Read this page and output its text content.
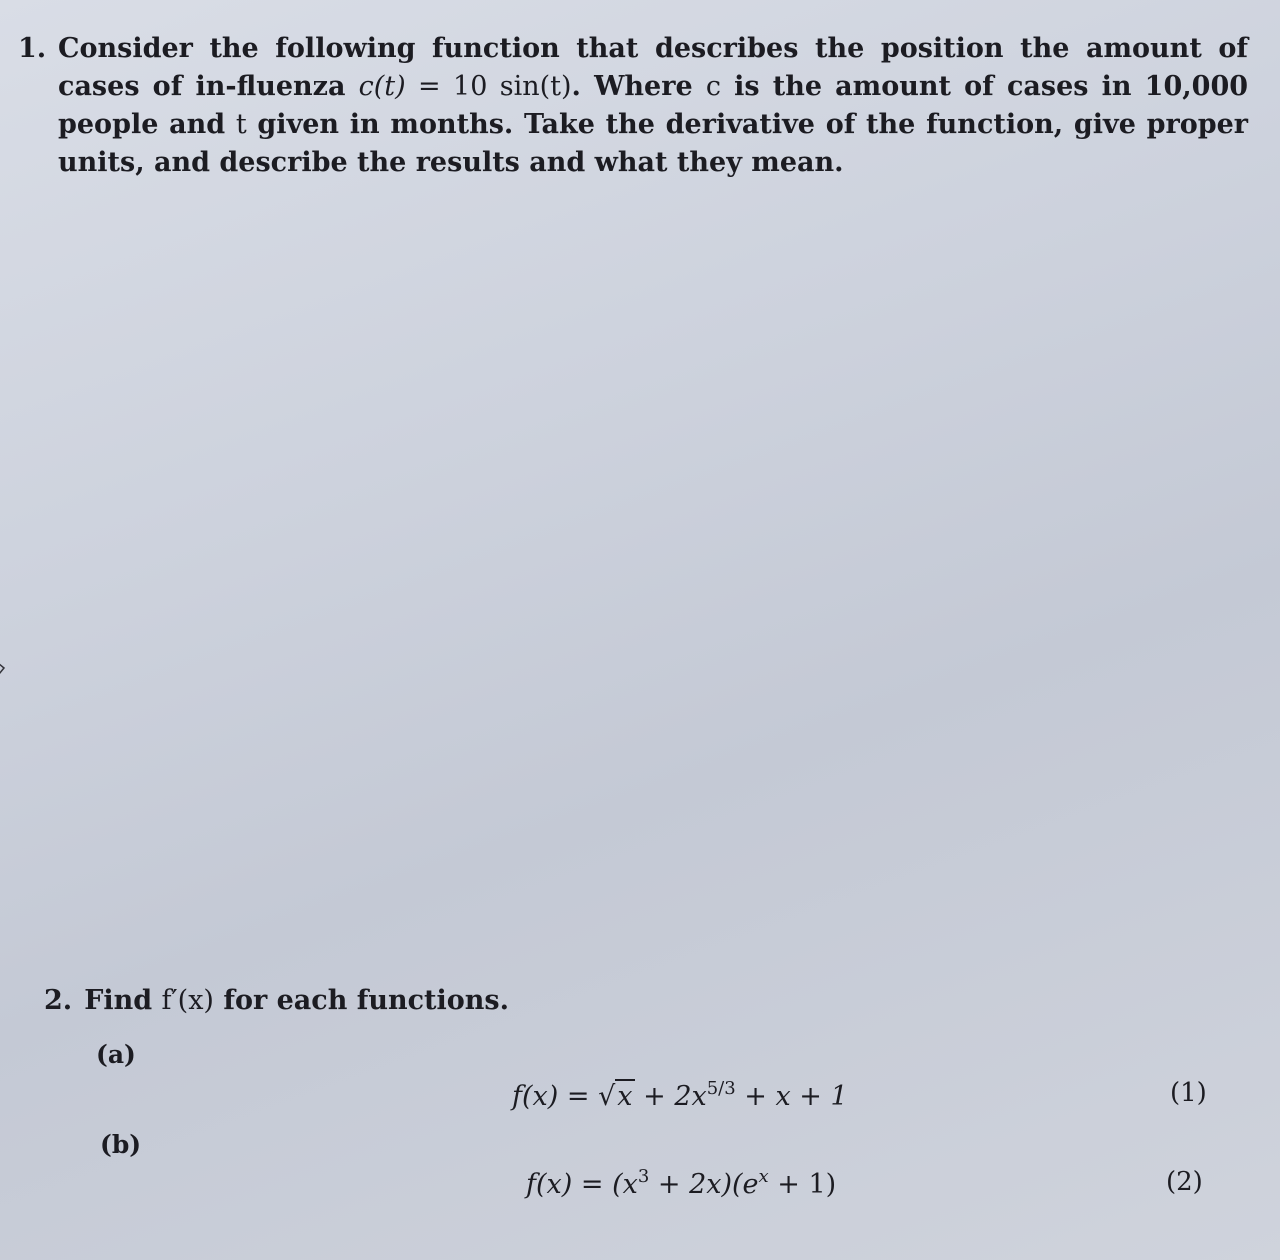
1. Consider the following function that describes the position the amount of cases of in-fluenza c(t) = 10 sin(t). Where c is the amount of cases in 10,000 people and t given in months. Take the derivative of the function, give proper units, and describe the results and what they mean.
2. Find f′(x) for each functions.
(a)
$f(x) = √x + 2x^{5/3} + x + 1$	(1)
(b)
$f(x) = (x^3 + 2x)(e^x + 1)$	(2)
